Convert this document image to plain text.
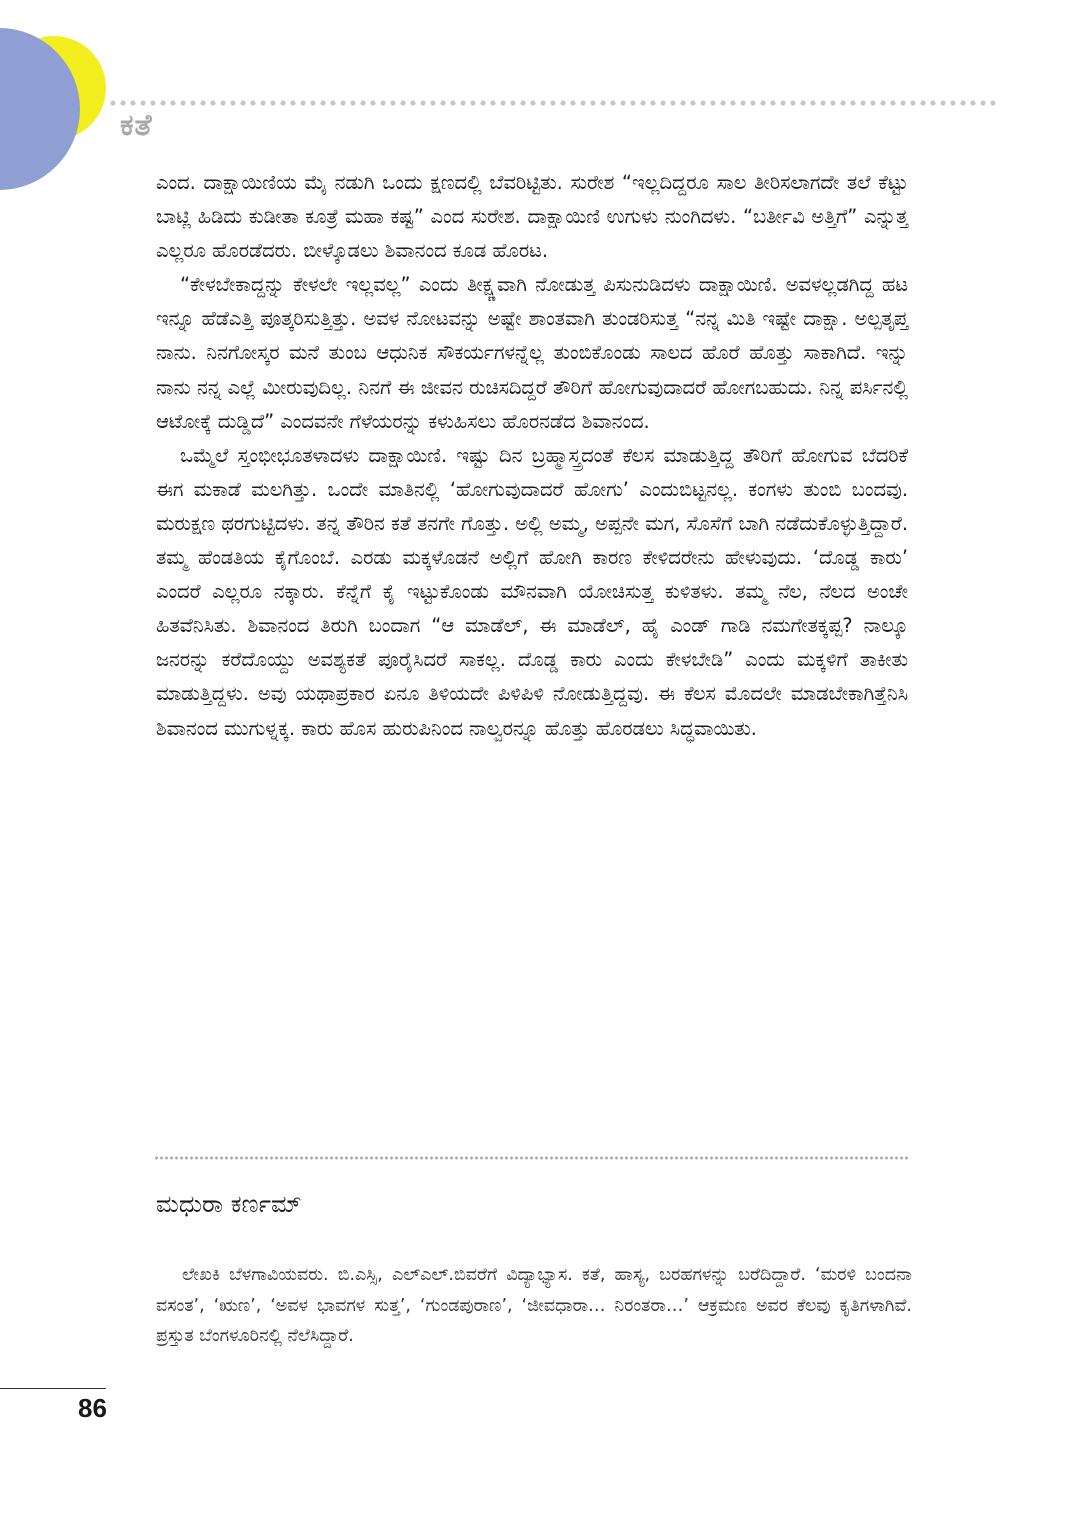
ಕತೆ

ಎಂದ. ದಾಕ್ಷಾಯಿಣಿಯ ಮೈ ನಡುಗಿ ಒಂದು ಕ್ಷಣದಲ್ಲಿ ಬೆವರಿಟ್ಟಿತು. ಸುರೇಶ “ಇಲ್ಲದಿದ್ದರೂ ಸಾಲ ತೀರಿಸಲಾಗದೇ ತಲೆ ಕೆಟ್ಟು ಬಾಟ್ಲಿ ಹಿಡಿದು ಕುಡೀತಾ ಕೂತ್ರೆ ಮಹಾ ಕಷ್ಟ” ಎಂದ ಸುರೇಶ. ದಾಕ್ಷಾಯಿಣಿ ಉಗುಳು ನುಂಗಿದಳು. “ಬರ್ತೀವಿ ಅತ್ತಿಗೆ” ಎನ್ನುತ್ತ ಎಲ್ಲರೂ ಹೊರಡೆದರು. ಬೀಳ್ಕೊಡಲು ಶಿವಾನಂದ ಕೂಡ ಹೊರಟ.

“ಕೇಳಬೇಕಾದ್ದನ್ನು ಕೇಳಲೇ ಇಲ್ಲವಲ್ಲ” ಎಂದು ತೀಕ್ಷ್ಣವಾಗಿ ನೋಡುತ್ತ ಪಿಸುನುಡಿದಳು ದಾಕ್ಷಾಯಿಣಿ. ಅವಳಲ್ಲಡಗಿದ್ದ ಹಟ ಇನ್ನೂ ಹೆಡೆಎತ್ತಿ ಪೂತ್ಕರಿಸುತ್ತಿತ್ತು. ಅವಳ ನೋಟವನ್ನು ಅಷ್ಟೇ ಶಾಂತವಾಗಿ ತುಂಡರಿಸುತ್ತ “ನನ್ನ ಮಿತಿ ಇಷ್ಟೇ ದಾಕ್ಷಾ. ಅಲ್ಪತೃಪ್ತ ನಾನು. ನಿನಗೋಸ್ಕರ ಮನೆ ತುಂಬ ಆಧುನಿಕ ಸೌಕರ್ಯಗಳನ್ನೆಲ್ಲ ತುಂಬಿಕೊಂಡು ಸಾಲದ ಹೊರೆ ಹೊತ್ತು ಸಾಕಾಗಿದೆ. ಇನ್ನು ನಾನು ನನ್ನ ಎಲ್ಲೆ ಮೀರುವುದಿಲ್ಲ. ನಿನಗೆ ಈ ಜೀವನ ರುಚಿಸದಿದ್ದರೆ ತೌರಿಗೆ ಹೋಗುವುದಾದರೆ ಹೋಗಬಹುದು. ನಿನ್ನ ಪರ್ಸಿನಲ್ಲಿ ಆಟೋಕ್ಕೆ ದುಡ್ಡಿದೆ” ಎಂದವನೇ ಗೆಳೆಯರನ್ನು ಕಳುಹಿಸಲು ಹೊರನಡೆದ ಶಿವಾನಂದ.

ಒಮ್ಮೆಲೆ ಸ್ತಂಭೀಭೂತಳಾದಳು ದಾಕ್ಷಾಯಿಣಿ. ಇಷ್ಟು ದಿನ ಬ್ರಹ್ಮಾಸ್ತ್ರದಂತೆ ಕೆಲಸ ಮಾಡುತ್ತಿದ್ದ ತೌರಿಗೆ ಹೋಗುವ ಬೆದರಿಕೆ ಈಗ ಮಕಾಡೆ ಮಲಗಿತ್ತು. ಒಂದೇ ಮಾತಿನಲ್ಲಿ ‘ಹೋಗುವುದಾದರೆ ಹೋಗು’ ಎಂದುಬಿಟ್ಟನಲ್ಲ. ಕಂಗಳು ತುಂಬಿ ಬಂದವು. ಮರುಕ್ಷಣ ಥರಗುಟ್ಟಿದಳು. ತನ್ನ ತೌರಿನ ಕತೆ ತನಗೇ ಗೊತ್ತು. ಅಲ್ಲಿ ಅಮ್ಮ, ಅಪ್ಪನೇ ಮಗ, ಸೊಸೆಗೆ ಬಾಗಿ ನಡೆದುಕೊಳ್ಳುತ್ತಿದ್ದಾರೆ. ತಮ್ಮ ಹೆಂಡತಿಯ ಕೈಗೊಂಬೆ. ಎರಡು ಮಕ್ಕಳೊಡನೆ ಅಲ್ಲಿಗೆ ಹೋಗಿ ಕಾರಣ ಕೇಳಿದರೇನು ಹೇಳುವುದು. ‘ದೊಡ್ಡ ಕಾರು’ ಎಂದರೆ ಎಲ್ಲರೂ ನಕ್ಕಾರು. ಕೆನ್ನೆಗೆ ಕೈ ಇಟ್ಟುಕೊಂಡು ಮೌನವಾಗಿ ಯೋಚಿಸುತ್ತ ಕುಳಿತಳು. ತಮ್ಮ ನೆಲ, ನೆಲದ ಅಂಚೇ ಹಿತವೆನಿಸಿತು. ಶಿವಾನಂದ ತಿರುಗಿ ಬಂದಾಗ “ಆ ಮಾಡೆಲ್, ಈ ಮಾಡೆಲ್, ಹೈ ಎಂಡ್ ಗಾಡಿ ನಮಗೇತಕ್ಕಪ್ಪ? ನಾಲ್ಕೂ ಜನರನ್ನು ಕರೆದೊಯ್ದು ಅವಶ್ಯಕತೆ ಪೂರೈಸಿದರೆ ಸಾಕಲ್ಲ. ದೊಡ್ಡ ಕಾರು ಎಂದು ಕೇಳಬೇಡಿ” ಎಂದು ಮಕ್ಕಳಿಗೆ ತಾಕೀತು ಮಾಡುತ್ತಿದ್ದಳು. ಅವು ಯಥಾಪ್ರಕಾರ ಏನೂ ತಿಳಿಯದೇ ಪಿಳಿಪಿಳಿ ನೋಡುತ್ತಿದ್ದವು. ಈ ಕೆಲಸ ಮೊದಲೇ ಮಾಡಬೇಕಾಗಿತ್ತೆನಿಸಿ ಶಿವಾನಂದ ಮುಗುಳ್ನಕ್ಕ. ಕಾರು ಹೊಸ ಹುರುಪಿನಿಂದ ನಾಲ್ವರನ್ನೂ ಹೊತ್ತು ಹೊರಡಲು ಸಿದ್ಧವಾಯಿತು.

ಮಧುರಾ ಕರ್ಣಮ್

ಲೇಖಕಿ ಬೆಳಗಾವಿಯವರು. ಬಿ.ಎಸ್ಸಿ, ಎಲ್ಎಲ್.ಬಿವರೆಗೆ ವಿದ್ಯಾಭ್ಯಾಸ. ಕತೆ, ಹಾಸ್ಯ, ಬರಹಗಳನ್ನು ಬರೆದಿದ್ದಾರೆ. ‘ಮರಳಿ ಬಂದನಾ ವಸಂತ’, ‘ಋಣ’, ‘ಅವಳ ಭಾವಗಳ ಸುತ್ತ’, ‘ಗುಂಡಪುರಾಣ’, ‘ಜೀವಧಾರಾ… ನಿರಂತರಾ…’ ಆಕ್ರಮಣ ಅವರ ಕೆಲವು ಕೃತಿಗಳಾಗಿವೆ. ಪ್ರಸ್ತುತ ಬೆಂಗಳೂರಿನಲ್ಲಿ ನೆಲೆಸಿದ್ದಾರೆ.

86
